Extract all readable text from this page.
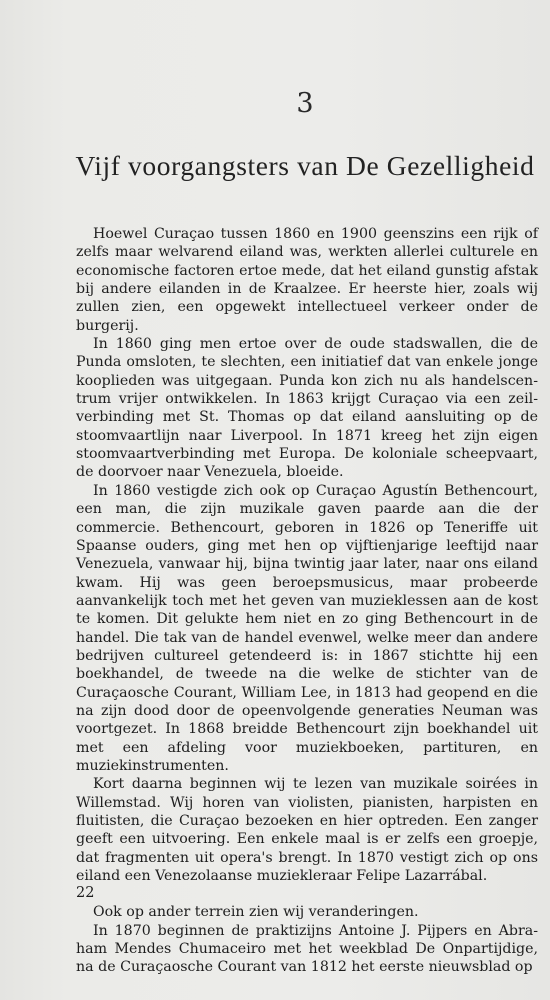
3
Vijf voorgangsters van De Gezelligheid

Hoewel Curaçao tussen 1860 en 1900 geenszins een rijk of zelfs maar welvarend eiland was, werkten allerlei culturele en economische factoren ertoe mede, dat het eiland gunstig afstak bij andere eilanden in de Kraalzee. Er heerste hier, zoals wij zullen zien, een opgewekt intellectueel verkeer onder de burgerij.

In 1860 ging men ertoe over de oude stadswallen, die de Punda omsloten, te slechten, een initiatief dat van enkele jonge kooplieden was uitgegaan. Punda kon zich nu als handelscentrum vrijer ontwikkelen. In 1863 krijgt Curaçao via een zeilverbinding met St. Thomas op dat eiland aansluiting op de stoomvaartlijn naar Liverpool. In 1871 kreeg het zijn eigen stoomvaartverbinding met Europa. De koloniale scheepvaart, de doorvoer naar Venezuela, bloeide.

In 1860 vestigde zich ook op Curaçao Agustín Bethencourt, een man, die zijn muzikale gaven paarde aan die der commercie. Bethencourt, geboren in 1826 op Teneriffe uit Spaanse ouders, ging met hen op vijftienjarige leeftijd naar Venezuela, vanwaar hij, bijna twintig jaar later, naar ons eiland kwam. Hij was geen beroepsmusicus, maar probeerde aanvankelijk toch met het geven van muzieklessen aan de kost te komen. Dit gelukte hem niet en zo ging Bethencourt in de handel. Die tak van de handel evenwel, welke meer dan andere bedrijven cultureel getendeerd is: in 1867 stichtte hij een boekhandel, de tweede na die welke de stichter van de Curaçaosche Courant, William Lee, in 1813 had geopend en die na zijn dood door de opeenvolgende generaties Neuman was voortgezet. In 1868 breidde Bethencourt zijn boekhandel uit met een afdeling voor muziekboeken, partituren, en muziekinstrumenten.

Kort daarna beginnen wij te lezen van muzikale soirées in Willemstad. Wij horen van violisten, pianisten, harpisten en fluitisten, die Curaçao bezoeken en hier optreden. Een zanger geeft een uitvoering. Een enkele maal is er zelfs een groepje, dat fragmenten uit opera's brengt. In 1870 vestigt zich op ons eiland een Venezolaanse muziekleraar Felipe Lazarrábal.

Ook op ander terrein zien wij veranderingen.

In 1870 beginnen de praktizijns Antoine J. Pijpers en Abraham Mendes Chumaceiro met het weekblad De Onpartijdige, na de Curaçaosche Courant van 1812 het eerste nieuwsblad op

22
